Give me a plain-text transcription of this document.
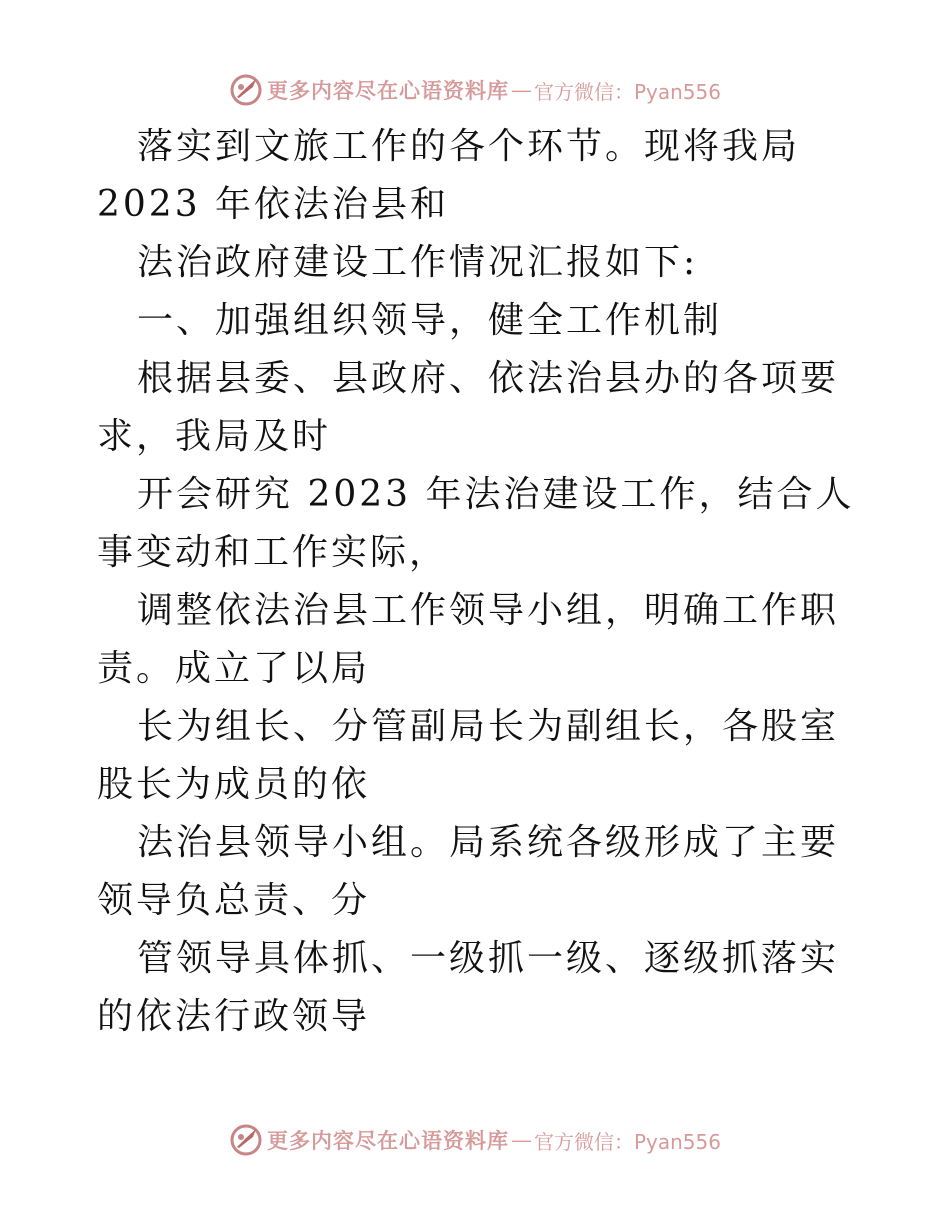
更多内容尽在心语资料库 — 官方微信：Pyan556

落实到文旅工作的各个环节。现将我局 2023 年依法治县和

法治政府建设工作情况汇报如下:

一、加强组织领导，健全工作机制

根据县委、县政府、依法治县办的各项要求，我局及时

开会研究 2023 年法治建设工作，结合人事变动和工作实际，

调整依法治县工作领导小组，明确工作职责。成立了以局

长为组长、分管副局长为副组长，各股室股长为成员的依

法治县领导小组。局系统各级形成了主要领导负总责、分

管领导具体抓、一级抓一级、逐级抓落实的依法行政领导

更多内容尽在心语资料库 — 官方微信：Pyan556
